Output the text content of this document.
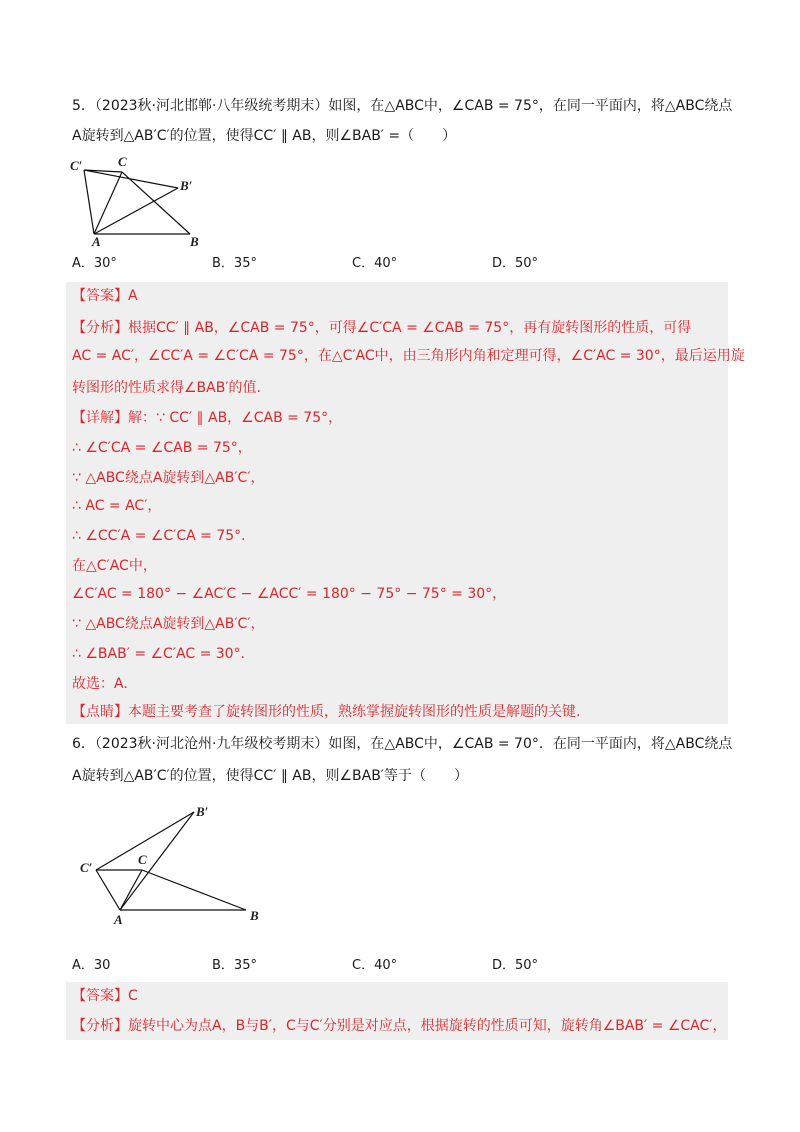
5．（2023秋·河北邯郸·八年级统考期末）如图，在△ABC中，∠CAB = 75°，在同一平面内，将△ABC绕点
A旋转到△AB′C′的位置，使得CC′ ∥ AB，则∠BAB′ =（　　）
C′	C
B′
A	B
A．30°	B．35°	C．40°	D．50°
【答案】A
【分析】根据CC′ ∥ AB，∠CAB = 75°，可得∠C′CA = ∠CAB = 75°，再有旋转图形的性质，可得
AC = AC′，∠CC′A = ∠C′CA = 75°，在△C′AC中，由三角形内角和定理可得，∠C′AC = 30°，最后运用旋
转图形的性质求得∠BAB′的值.
【详解】解：∵ CC′ ∥ AB，∠CAB = 75°，
∴ ∠C′CA = ∠CAB = 75°，
∵ △ABC绕点A旋转到△AB′C′，
∴ AC = AC′，
∴ ∠CC′A = ∠C′CA = 75°．
在△C′AC中，
∠C′AC = 180° − ∠AC′C − ∠ACC′ = 180° − 75° − 75° = 30°，
∵ △ABC绕点A旋转到△AB′C′，
∴ ∠BAB′ = ∠C′AC = 30°．
故选：A.
【点睛】本题主要考查了旋转图形的性质，熟练掌握旋转图形的性质是解题的关键.
6．（2023秋·河北沧州·九年级校考期末）如图，在△ABC中，∠CAB = 70°．在同一平面内，将△ABC绕点
A旋转到△AB′C′的位置，使得CC′ ∥ AB，则∠BAB′等于（　　）
B′
C′
C
A	B
A．30	B．35°	C．40°	D．50°
【答案】C
【分析】旋转中心为点A，B与B′，C与C′分别是对应点，根据旋转的性质可知，旋转角∠BAB′ = ∠CAC′，
